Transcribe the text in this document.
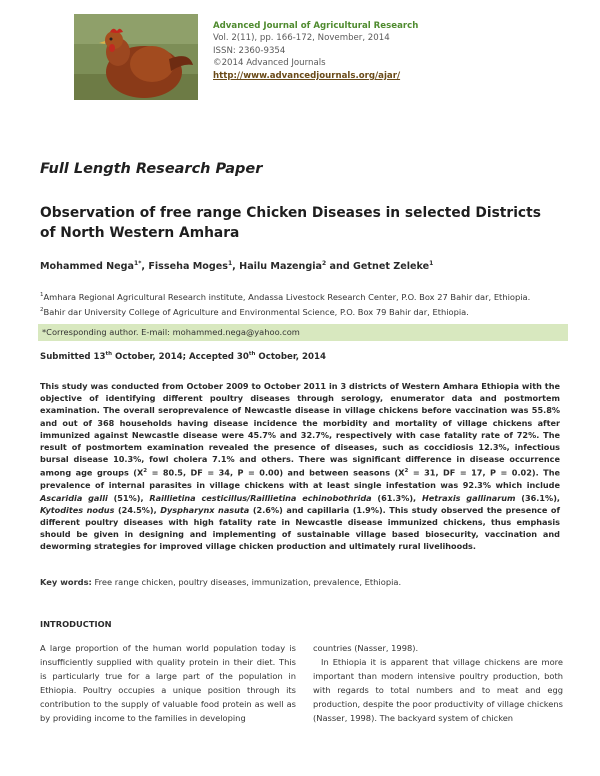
Advanced Journal of Agricultural Research
Vol. 2(11), pp. 166-172, November, 2014
ISSN: 2360-9354
©2014 Advanced Journals
http://www.advancedjournals.org/ajar/
Full Length Research Paper
Observation of free range Chicken Diseases in selected Districts of North Western Amhara
Mohammed Nega$^{1*}$, Fisseha Moges$^1$, Hailu Mazengia$^2$ and Getnet Zeleke$^1$
$^1$Amhara Regional Agricultural Research institute, Andassa Livestock Research Center, P.O. Box 27 Bahir dar, Ethiopia.
$^2$Bahir dar University College of Agriculture and Environmental Science, P.O. Box 79 Bahir dar, Ethiopia.
*Corresponding author. E-mail: mohammed.nega@yahoo.com
Submitted 13th October, 2014; Accepted 30th October, 2014
This study was conducted from October 2009 to October 2011 in 3 districts of Western Amhara Ethiopia with the objective of identifying different poultry diseases through serology, enumerator data and postmortem examination. The overall seroprevalence of Newcastle disease in village chickens before vaccination was 55.8% and out of 368 households having disease incidence the morbidity and mortality of village chickens after immunized against Newcastle disease were 45.7% and 32.7%, respectively with case fatality rate of 72%. The result of postmortem examination revealed the presence of diseases, such as coccidiosis 12.3%, infectious bursal disease 10.3%, fowl cholera 7.1% and others. There was significant difference in disease occurrence among age groups ($X^2 = 80.5$, DF = 34, P = 0.00) and between seasons ($X^2 = 31$, DF = 17, P = 0.02). The prevalence of internal parasites in village chickens with at least single infestation was 92.3% which include Ascaridia galli (51%), Raillietina cesticillus/Raillietina echinobothrida (61.3%), Hetraxis gallinarum (36.1%), Kytodites nodus (24.5%), Dyspharynx nasuta (2.6%) and capillaria (1.9%). This study observed the presence of different poultry diseases with high fatality rate in Newcastle disease immunized chickens, thus emphasis should be given in designing and implementing of sustainable village based biosecurity, vaccination and deworming strategies for improved village chicken production and ultimately rural livelihoods.
Key words: Free range chicken, poultry diseases, immunization, prevalence, Ethiopia.
INTRODUCTION
A large proportion of the human world population today is insufficiently supplied with quality protein in their diet. This is particularly true for a large part of the population in Ethiopia. Poultry occupies a unique position through its contribution to the supply of valuable food protein as well as by providing income to the families in developing
countries (Nasser, 1998).
In Ethiopia it is apparent that village chickens are more important than modern intensive poultry production, both with regards to total numbers and to meat and egg production, despite the poor productivity of village chickens (Nasser, 1998). The backyard system of chicken
